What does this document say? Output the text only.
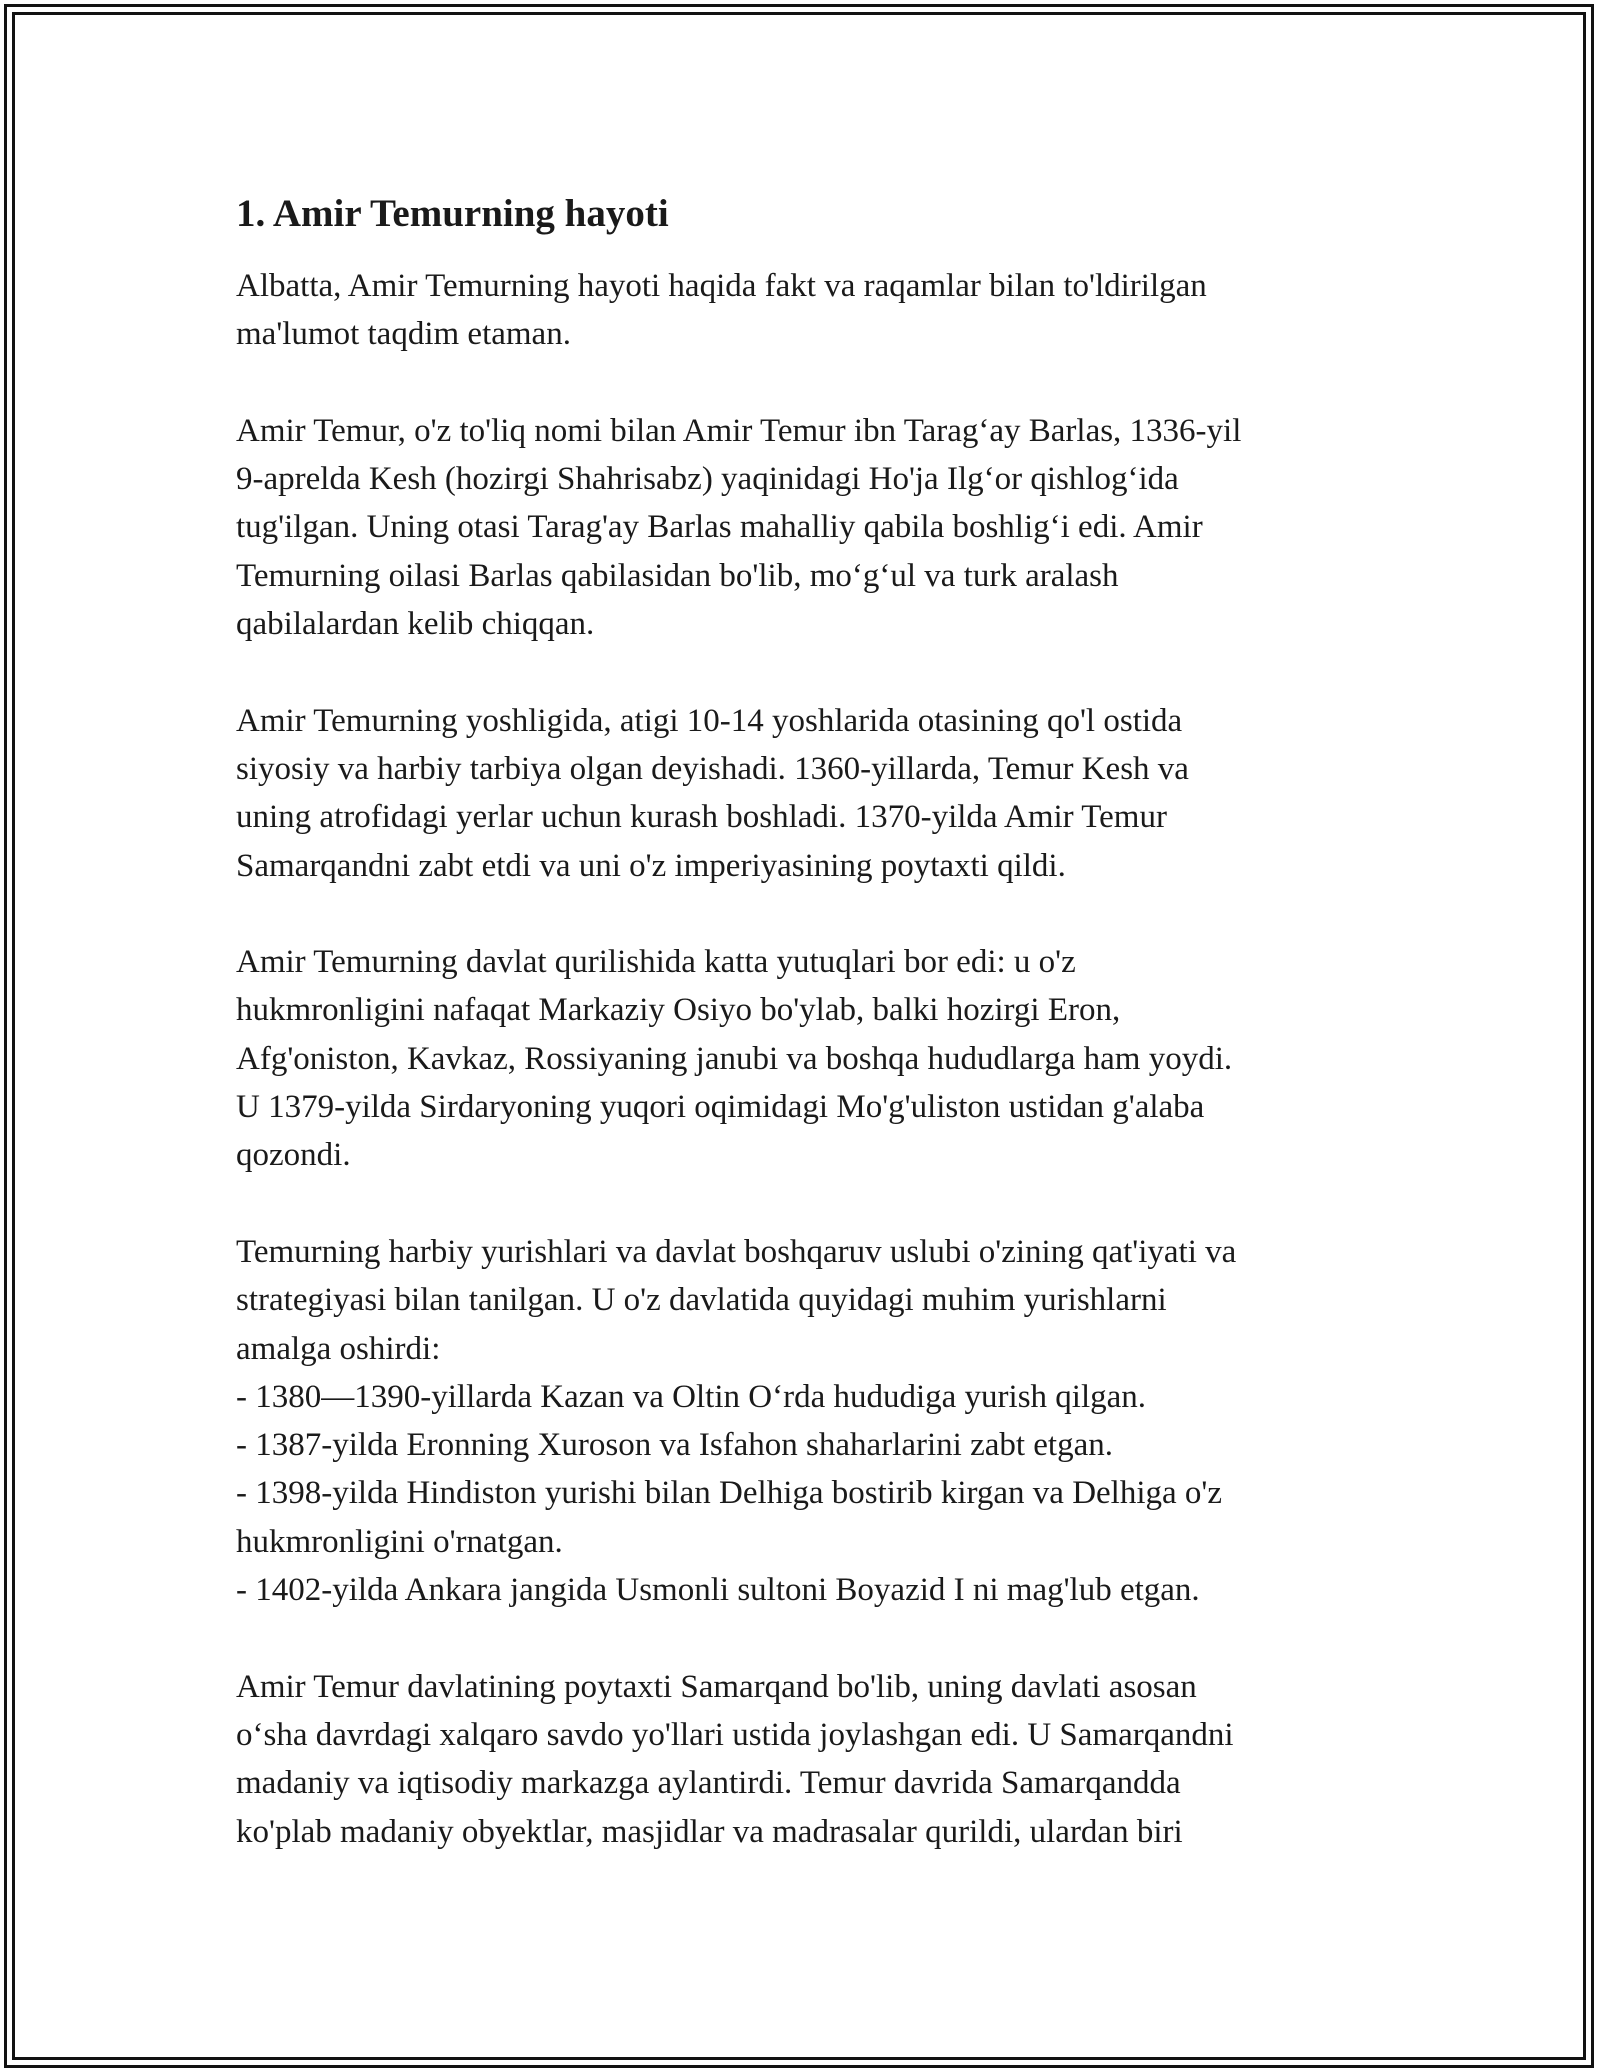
1. Amir Temurning hayoti
Albatta, Amir Temurning hayoti haqida fakt va raqamlar bilan to'ldirilgan
ma'lumot taqdim etaman.
Amir Temur, o'z to'liq nomi bilan Amir Temur ibn Tarag‘ay Barlas, 1336-yil
9-aprelda Kesh (hozirgi Shahrisabz) yaqinidagi Ho'ja Ilg‘or qishlog‘ida
tug'ilgan. Uning otasi Tarag'ay Barlas mahalliy qabila boshlig‘i edi. Amir
Temurning oilasi Barlas qabilasidan bo'lib, mo‘g‘ul va turk aralash
qabilalardan kelib chiqqan.
Amir Temurning yoshligida, atigi 10-14 yoshlarida otasining qo'l ostida
siyosiy va harbiy tarbiya olgan deyishadi. 1360-yillarda, Temur Kesh va
uning atrofidagi yerlar uchun kurash boshladi. 1370-yilda Amir Temur
Samarqandni zabt etdi va uni o'z imperiyasining poytaxti qildi.
Amir Temurning davlat qurilishida katta yutuqlari bor edi: u o'z
hukmronligini nafaqat Markaziy Osiyo bo'ylab, balki hozirgi Eron,
Afg'oniston, Kavkaz, Rossiyaning janubi va boshqa hududlarga ham yoydi.
U 1379-yilda Sirdaryoning yuqori oqimidagi Mo'g'uliston ustidan g'alaba
qozondi.
Temurning harbiy yurishlari va davlat boshqaruv uslubi o'zining qat'iyati va
strategiyasi bilan tanilgan. U o'z davlatida quyidagi muhim yurishlarni
amalga oshirdi:
- 1380—1390-yillarda Kazan va Oltin O‘rda hududiga yurish qilgan.
- 1387-yilda Eronning Xuroson va Isfahon shaharlarini zabt etgan.
- 1398-yilda Hindiston yurishi bilan Delhiga bostirib kirgan va Delhiga o'z
hukmronligini o'rnatgan.
- 1402-yilda Ankara jangida Usmonli sultoni Boyazid I ni mag'lub etgan.
Amir Temur davlatining poytaxti Samarqand bo'lib, uning davlati asosan
o‘sha davrdagi xalqaro savdo yo'llari ustida joylashgan edi. U Samarqandni
madaniy va iqtisodiy markazga aylantirdi. Temur davrida Samarqandda
ko'plab madaniy obyektlar, masjidlar va madrasalar qurildi, ulardan biri
